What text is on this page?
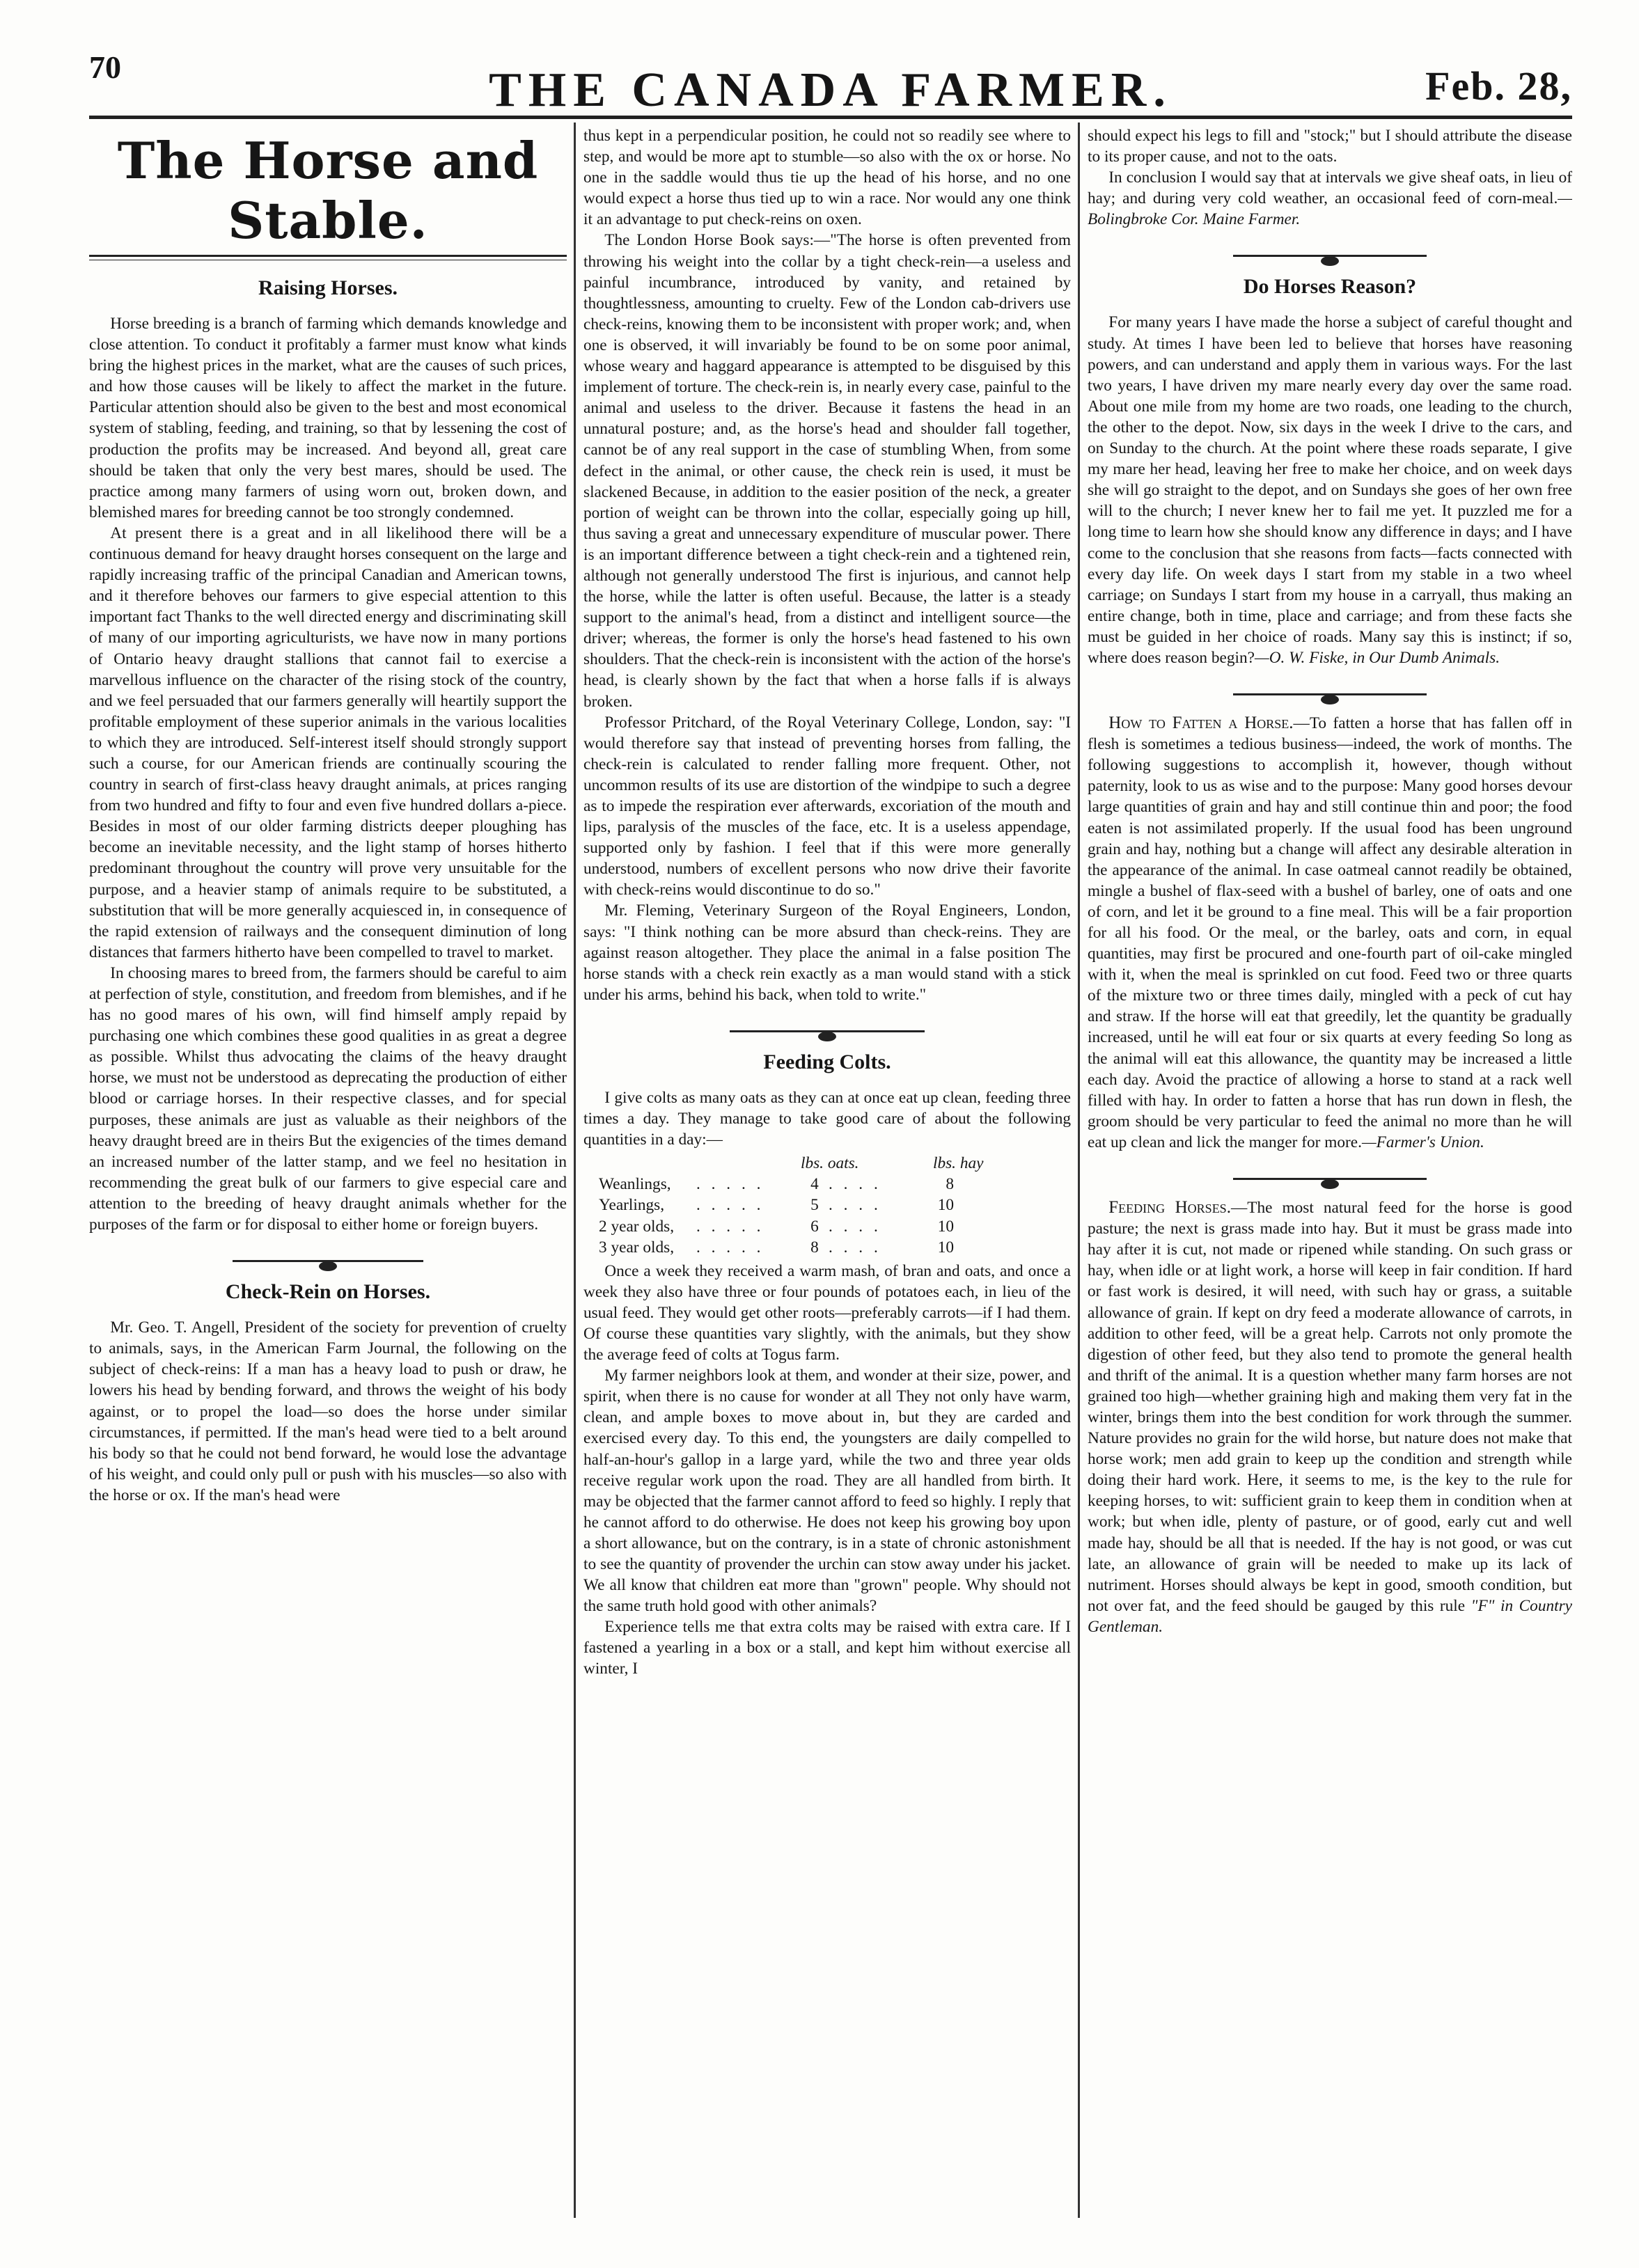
70	THE CANADA FARMER.	Feb. 28,
The Horse and Stable.
Raising Horses.

Horse breeding is a branch of farming which demands knowledge and close attention. To conduct it profitably a farmer must know what kinds bring the highest prices in the market, what are the causes of such prices, and how those causes will be likely to affect the market in the future. Particular attention should also be given to the best and most economical system of stabling, feeding, and training, so that by lessening the cost of production the profits may be increased. And beyond all, great care should be taken that only the very best mares, should be used. The practice among many farmers of using worn out, broken down, and blemished mares for breeding cannot be too strongly condemned.

At present there is a great and in all likelihood there will be a continuous demand for heavy draught horses consequent on the large and rapidly increasing traffic of the principal Canadian and American towns, and it therefore behoves our farmers to give especial attention to this important fact Thanks to the well directed energy and discriminating skill of many of our importing agriculturists, we have now in many portions of Ontario heavy draught stallions that cannot fail to exercise a marvellous influence on the character of the rising stock of the country, and we feel persuaded that our farmers generally will heartily support the profitable employment of these superior animals in the various localities to which they are introduced. Self-interest itself should strongly support such a course, for our American friends are continually scouring the country in search of first-class heavy draught animals, at prices ranging from two hundred and fifty to four and even five hundred dollars a-piece. Besides in most of our older farming districts deeper ploughing has become an inevitable necessity, and the light stamp of horses hitherto predominant throughout the country will prove very unsuitable for the purpose, and a heavier stamp of animals require to be substituted, a substitution that will be more generally acquiesced in, in consequence of the rapid extension of railways and the consequent diminution of long distances that farmers hitherto have been compelled to travel to market.

In choosing mares to breed from, the farmers should be careful to aim at perfection of style, constitution, and freedom from blemishes, and if he has no good mares of his own, will find himself amply repaid by purchasing one which combines these good qualities in as great a degree as possible. Whilst thus advocating the claims of the heavy draught horse, we must not be understood as deprecating the production of either blood or carriage horses. In their respective classes, and for special purposes, these animals are just as valuable as their neighbors of the heavy draught breed are in theirs But the exigencies of the times demand an increased number of the latter stamp, and we feel no hesitation in recommending the great bulk of our farmers to give especial care and attention to the breeding of heavy draught animals whether for the purposes of the farm or for disposal to either home or foreign buyers.

Check-Rein on Horses.

Mr. Geo. T. Angell, President of the society for prevention of cruelty to animals, says, in the American Farm Journal, the following on the subject of check-reins: If a man has a heavy load to push or draw, he lowers his head by bending forward, and throws the weight of his body against, or to propel the load—so does the horse under similar circumstances, if permitted. If the man's head were tied to a belt around his body so that he could not bend forward, he would lose the advantage of his weight, and could only pull or push with his muscles—so also with the horse or ox. If the man's head were

thus kept in a perpendicular position, he could not so readily see where to step, and would be more apt to stumble—so also with the ox or horse. No one in the saddle would thus tie up the head of his horse, and no one would expect a horse thus tied up to win a race. Nor would any one think it an advantage to put check-reins on oxen.

The London Horse Book says:—"The horse is often prevented from throwing his weight into the collar by a tight check-rein—a useless and painful incumbrance, introduced by vanity, and retained by thoughtlessness, amounting to cruelty. Few of the London cab-drivers use check-reins, knowing them to be inconsistent with proper work; and, when one is observed, it will invariably be found to be on some poor animal, whose weary and haggard appearance is attempted to be disguised by this implement of torture. The check-rein is, in nearly every case, painful to the animal and useless to the driver. Because it fastens the head in an unnatural posture; and, as the horse's head and shoulder fall together, cannot be of any real support in the case of stumbling When, from some defect in the animal, or other cause, the check rein is used, it must be slackened Because, in addition to the easier position of the neck, a greater portion of weight can be thrown into the collar, especially going up hill, thus saving a great and unnecessary expenditure of muscular power. There is an important difference between a tight check-rein and a tightened rein, although not generally understood The first is injurious, and cannot help the horse, while the latter is often useful. Because, the latter is a steady support to the animal's head, from a distinct and intelligent source—the driver; whereas, the former is only the horse's head fastened to his own shoulders. That the check-rein is inconsistent with the action of the horse's head, is clearly shown by the fact that when a horse falls if is always broken.

Professor Pritchard, of the Royal Veterinary College, London, say: "I would therefore say that instead of preventing horses from falling, the check-rein is calculated to render falling more frequent. Other, not uncommon results of its use are distortion of the windpipe to such a degree as to impede the respiration ever afterwards, excoriation of the mouth and lips, paralysis of the muscles of the face, etc. It is a useless appendage, supported only by fashion. I feel that if this were more generally understood, numbers of excellent persons who now drive their favorite with check-reins would discontinue to do so."

Mr. Fleming, Veterinary Surgeon of the Royal Engineers, London, says: "I think nothing can be more absurd than check-reins. They are against reason altogether. They place the animal in a false position The horse stands with a check rein exactly as a man would stand with a stick under his arms, behind his back, when told to write."

Feeding Colts.

I give colts as many oats as they can at once eat up clean, feeding three times a day. They manage to take good care of about the following quantities in a day:—

lbs. oats.	lbs. hay
Weanlings,	. . . . .	4 . . . .	8
Yearlings,	. . . . .	5 . . . .	10
2 year olds,	. . . . .	6 . . . .	10
3 year olds,	. . . . .	8 . . . .	10

Once a week they received a warm mash, of bran and oats, and once a week they also have three or four pounds of potatoes each, in lieu of the usual feed. They would get other roots—preferably carrots—if I had them. Of course these quantities vary slightly, with the animals, but they show the average feed of colts at Togus farm.

My farmer neighbors look at them, and wonder at their size, power, and spirit, when there is no cause for wonder at all They not only have warm, clean, and ample boxes to move about in, but they are carded and exercised every day. To this end, the youngsters are daily compelled to half-an-hour's gallop in a large yard, while the two and three year olds receive regular work upon the road. They are all handled from birth. It may be objected that the farmer cannot afford to feed so highly. I reply that he cannot afford to do otherwise. He does not keep his growing boy upon a short allowance, but on the contrary, is in a state of chronic astonishment to see the quantity of provender the urchin can stow away under his jacket. We all know that children eat more than "grown" people. Why should not the same truth hold good with other animals?

Experience tells me that extra colts may be raised with extra care. If I fastened a yearling in a box or a stall, and kept him without exercise all winter, I

should expect his legs to fill and "stock;" but I should attribute the disease to its proper cause, and not to the oats.

In conclusion I would say that at intervals we give sheaf oats, in lieu of hay; and during very cold weather, an occasional feed of corn-meal.—Bolingbroke Cor. Maine Farmer.

Do Horses Reason?

For many years I have made the horse a subject of careful thought and study. At times I have been led to believe that horses have reasoning powers, and can understand and apply them in various ways. For the last two years, I have driven my mare nearly every day over the same road. About one mile from my home are two roads, one leading to the church, the other to the depot. Now, six days in the week I drive to the cars, and on Sunday to the church. At the point where these roads separate, I give my mare her head, leaving her free to make her choice, and on week days she will go straight to the depot, and on Sundays she goes of her own free will to the church; I never knew her to fail me yet. It puzzled me for a long time to learn how she should know any difference in days; and I have come to the conclusion that she reasons from facts—facts connected with every day life. On week days I start from my stable in a two wheel carriage; on Sundays I start from my house in a carryall, thus making an entire change, both in time, place and carriage; and from these facts she must be guided in her choice of roads. Many say this is instinct; if so, where does reason begin?—O. W. Fiske, in Our Dumb Animals.

How to Fatten a Horse.—To fatten a horse that has fallen off in flesh is sometimes a tedious business—indeed, the work of months. The following suggestions to accomplish it, however, though without paternity, look to us as wise and to the purpose: Many good horses devour large quantities of grain and hay and still continue thin and poor; the food eaten is not assimilated properly. If the usual food has been unground grain and hay, nothing but a change will affect any desirable alteration in the appearance of the animal. In case oatmeal cannot readily be obtained, mingle a bushel of flax-seed with a bushel of barley, one of oats and one of corn, and let it be ground to a fine meal. This will be a fair proportion for all his food. Or the meal, or the barley, oats and corn, in equal quantities, may first be procured and one-fourth part of oil-cake mingled with it, when the meal is sprinkled on cut food. Feed two or three quarts of the mixture two or three times daily, mingled with a peck of cut hay and straw. If the horse will eat that greedily, let the quantity be gradually increased, until he will eat four or six quarts at every feeding So long as the animal will eat this allowance, the quantity may be increased a little each day. Avoid the practice of allowing a horse to stand at a rack well filled with hay. In order to fatten a horse that has run down in flesh, the groom should be very particular to feed the animal no more than he will eat up clean and lick the manger for more.—Farmer's Union.

Feeding Horses.—The most natural feed for the horse is good pasture; the next is grass made into hay. But it must be grass made into hay after it is cut, not made or ripened while standing. On such grass or hay, when idle or at light work, a horse will keep in fair condition. If hard or fast work is desired, it will need, with such hay or grass, a suitable allowance of grain. If kept on dry feed a moderate allowance of carrots, in addition to other feed, will be a great help. Carrots not only promote the digestion of other feed, but they also tend to promote the general health and thrift of the animal. It is a question whether many farm horses are not grained too high—whether graining high and making them very fat in the winter, brings them into the best condition for work through the summer. Nature provides no grain for the wild horse, but nature does not make that horse work; men add grain to keep up the condition and strength while doing their hard work. Here, it seems to me, is the key to the rule for keeping horses, to wit: sufficient grain to keep them in condition when at work; but when idle, plenty of pasture, or of good, early cut and well made hay, should be all that is needed. If the hay is not good, or was cut late, an allowance of grain will be needed to make up its lack of nutriment. Horses should always be kept in good, smooth condition, but not over fat, and the feed should be gauged by this rule "F" in Country Gentleman.
